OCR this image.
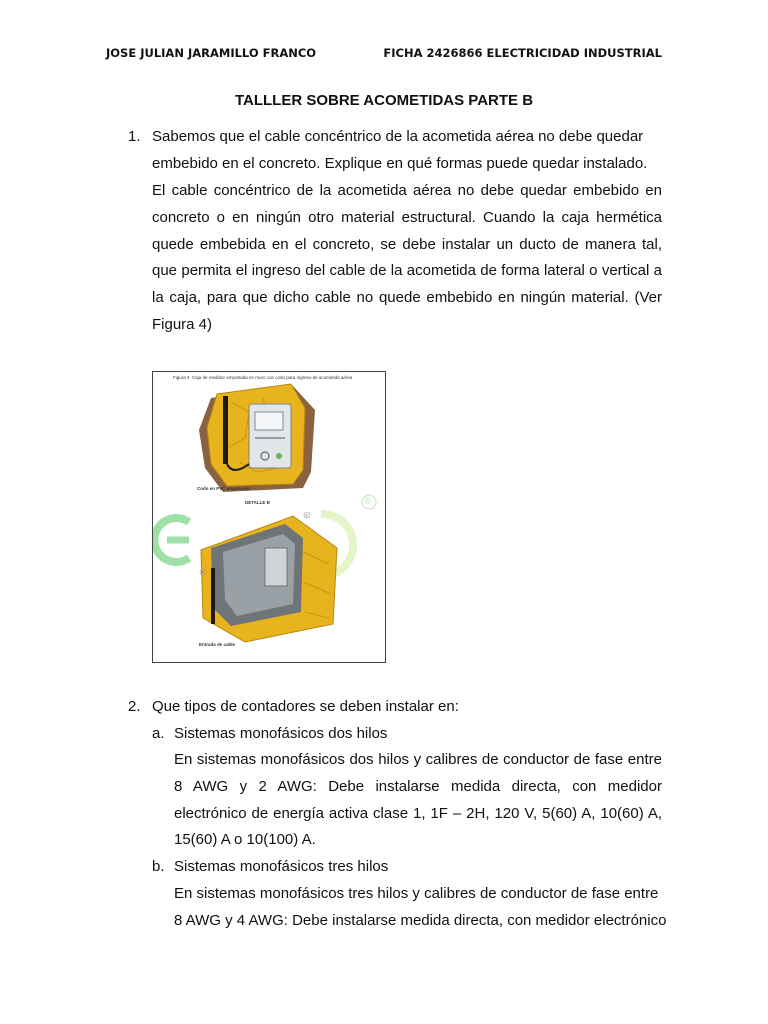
JOSE JULIAN JARAMILLO FRANCO	FICHA 2426866 ELECTRICIDAD INDUSTRIAL
TALLLER SOBRE ACOMETIDAS PARTE B
1. Sabemos que el cable concéntrico de la acometida aérea no debe quedar
embebido en el concreto. Explique en qué formas puede quedar instalado.
El cable concéntrico de la acometida aérea no debe quedar embebido en concreto o en ningún otro material estructural. Cuando la caja hermética quede embebida en el concreto, se debe instalar un ducto de manera tal, que permita el ingreso del cable de la acometida de forma lateral o vertical a la caja, para que dicho cable no quede embebido en ningún material. (Ver Figura 4)
Figura 4. Caja de medidor empotrada en muro con codo para ingreso de acometida aérea
Codo en PVC empotrado
DETALLE B
B
A
Entrada de cable
®
2. Que tipos de contadores se deben instalar en:
a. Sistemas monofásicos dos hilos
En sistemas monofásicos dos hilos y calibres de conductor de fase entre 8 AWG y 2 AWG: Debe instalarse medida directa, con medidor electrónico de energía activa clase 1, 1F – 2H, 120 V, 5(60) A, 10(60) A, 15(60) A o 10(100) A.
b. Sistemas monofásicos tres hilos
En sistemas monofásicos tres hilos y calibres de conductor de fase entre
8 AWG y 4 AWG: Debe instalarse medida directa, con medidor electrónico
